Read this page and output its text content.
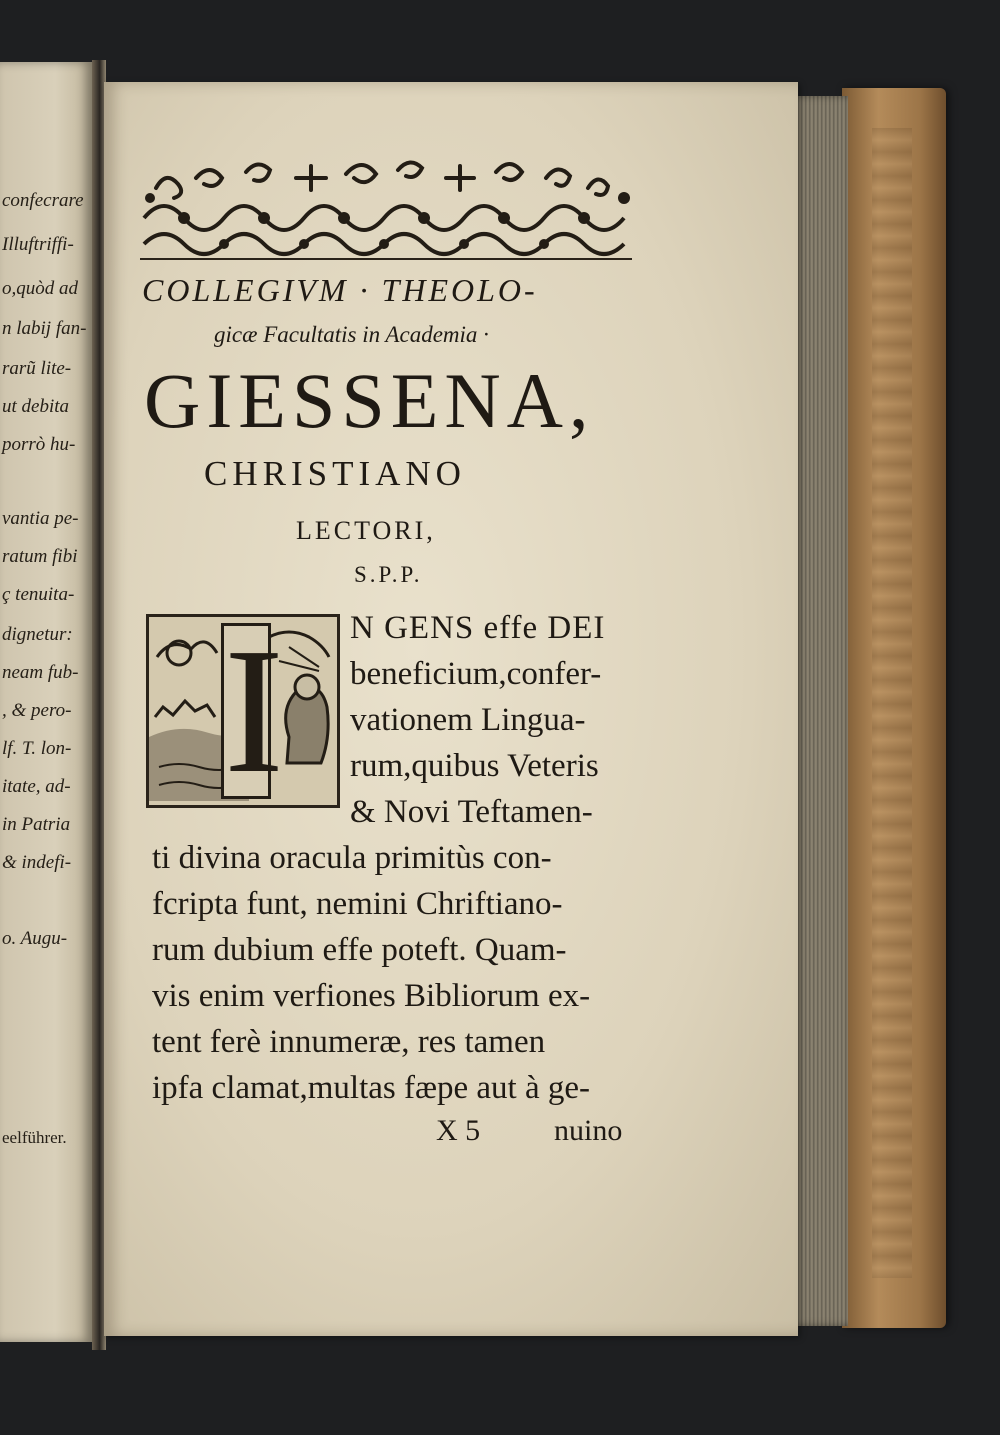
confecrare
Illuftriffi-
o,quòd ad
n labij fan-
rarũ lite-
ut debita
porrò hu-
vantia pe-
ratum fibi
ç tenuita-
dignetur:
neam fub-
, & pero-
lf. T. lon-
itate, ad-
in Patria
& indefi-
o. Augu-
eelführer.
COLLEGIVM · THEOLO-
gicæ Facultatis in Academia ·
GIESSENA,
CHRISTIANO
LECTORI,
S.P.P.
I N GENS effe DEI
beneficium,confer-
vationem Lingua-
rum,quibus Veteris
& Novi Teftamen-
ti divina oracula primitùs con-
fcripta funt, nemini Chriftiano-
rum dubium effe poteft. Quam-
vis enim verfiones Bibliorum ex-
tent ferè innumeræ, res tamen
ipfa clamat,multas fæpe aut à ge-
X 5 nuino
